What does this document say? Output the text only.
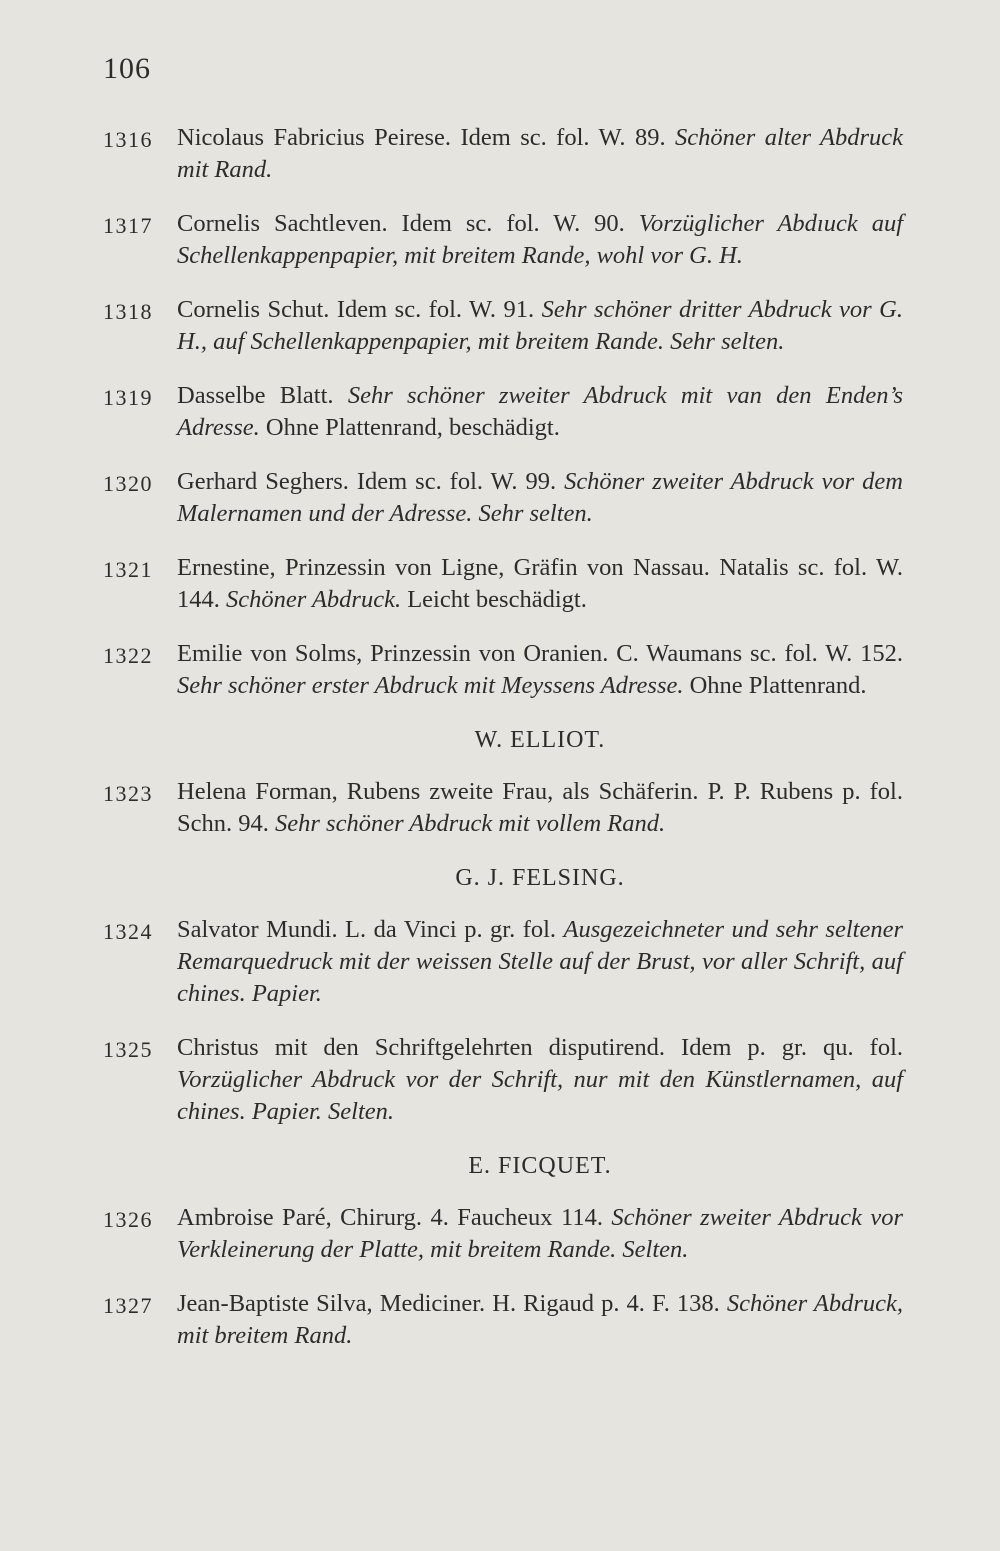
106
1316 Nicolaus Fabricius Peirese. Idem sc. fol. W. 89. Schöner alter Abdruck mit Rand.
1317 Cornelis Sachtleven. Idem sc. fol. W. 90. Vorzüglicher Abdıuck auf Schellenkappenpapier, mit breitem Rande, wohl vor G. H.
1318 Cornelis Schut. Idem sc. fol. W. 91. Sehr schöner dritter Abdruck vor G. H., auf Schellenkappenpapier, mit breitem Rande. Sehr selten.
1319 Dasselbe Blatt. Sehr schöner zweiter Abdruck mit van den Enden’s Adresse. Ohne Plattenrand, beschädigt.
1320 Gerhard Seghers. Idem sc. fol. W. 99. Schöner zweiter Abdruck vor dem Malernamen und der Adresse. Sehr selten.
1321 Ernestine, Prinzessin von Ligne, Gräfin von Nassau. Natalis sc. fol. W. 144. Schöner Abdruck. Leicht beschädigt.
1322 Emilie von Solms, Prinzessin von Oranien. C. Waumans sc. fol. W. 152. Sehr schöner erster Abdruck mit Meyssens Adresse. Ohne Plattenrand.
W. ELLIOT.
1323 Helena Forman, Rubens zweite Frau, als Schäferin. P. P. Rubens p. fol. Schn. 94. Sehr schöner Abdruck mit vollem Rand.
G. J. FELSING.
1324 Salvator Mundi. L. da Vinci p. gr. fol. Ausgezeichneter und sehr seltener Remarquedruck mit der weissen Stelle auf der Brust, vor aller Schrift, auf chines. Papier.
1325 Christus mit den Schriftgelehrten disputirend. Idem p. gr. qu. fol. Vorzüglicher Abdruck vor der Schrift, nur mit den Künstlernamen, auf chines. Papier. Selten.
E. FICQUET.
1326 Ambroise Paré, Chirurg. 4. Faucheux 114. Schöner zweiter Abdruck vor Verkleinerung der Platte, mit breitem Rande. Selten.
1327 Jean-Baptiste Silva, Mediciner. H. Rigaud p. 4. F. 138. Schöner Abdruck, mit breitem Rand.
